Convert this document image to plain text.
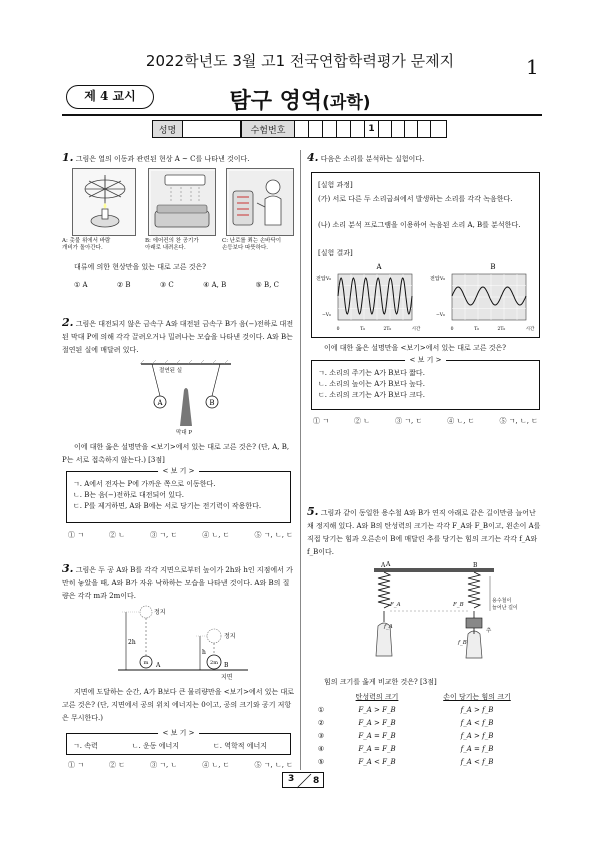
2022학년도 3월 고1 전국연합학력평가 문제지	1
제 4 교시	탐구 영역(과학)
성명	수험번호	1
1. 그림은 열의 이동과 관련된 현상 A ~ C를 나타낸 것이다.
A: 촛불 위에서 바람
개비가 돌아간다.
B: 에어컨의 찬 공기가
아래로 내려온다.
C: 난로를 쬐는 손바닥이
손등보다 따뜻하다.
대류에 의한 현상만을 있는 대로 고른 것은?
① A	② B	③ C	④ A, B	⑤ B, C
2. 그림은 대전되지 않은 금속구 A와 대전된 금속구 B가 음(−)전하로 대전된 막대 P에 의해 각각 끌려오거나 밀려나는 모습을 나타낸 것이다. A와 B는 절연된 실에 매달려 있다.
A	B
절연된 실
막대 P
이에 대한 옳은 설명만을 <보기>에서 있는 대로 고른 것은? (단, A, B, P는 서로 접촉하지 않는다.) [3점]
< 보 기 >
ㄱ. A에서 전자는 P에 가까운 쪽으로 이동한다.
ㄴ. B는 음(−)전하로 대전되어 있다.
ㄷ. P를 제거하면, A와 B에는 서로 당기는 전기력이 작용한다.
① ㄱ	② ㄴ	③ ㄱ, ㄷ	④ ㄴ, ㄷ	⑤ ㄱ, ㄴ, ㄷ
3. 그림은 두 공 A와 B를 각각 지면으로부터 높이가 2h와 h인 지점에서 가만히 놓았을 때, A와 B가 자유 낙하하는 모습을 나타낸 것이다. A와 B의 질량은 각각 m과 2m이다.
m	2m
A	B
정지
정지
2h
h
지면
지면에 도달하는 순간, A가 B보다 큰 물리량만을 <보기>에서 있는 대로 고른 것은? (단, 지면에서 공의 위치 에너지는 0이고, 공의 크기와 공기 저항은 무시한다.)
< 보 기 >
ㄱ. 속력	ㄴ. 운동 에너지	ㄷ. 역학적 에너지
① ㄱ	② ㄷ	③ ㄱ, ㄴ	④ ㄴ, ㄷ	⑤ ㄱ, ㄴ, ㄷ
4. 다음은 소리를 분석하는 실험이다.
[실험 과정]
(가) 서로 다른 두 소리굽쇠에서 발생하는 소리를 각각 녹음한다.
(나) 소리 분석 프로그램을 이용하여 녹음된 소리 A, B를 분석한다.
[실험 결과]
A
전압 V₀
−V₀
0	T₀	2T₀	시간
B
전압 V₀
−V₀
0	T₀	2T₀	시간
이에 대한 옳은 설명만을 <보기>에서 있는 대로 고른 것은?
< 보 기 >
ㄱ. 소리의 주기는 A가 B보다 짧다.
ㄴ. 소리의 높이는 A가 B보다 높다.
ㄷ. 소리의 크기는 A가 B보다 크다.
① ㄱ	② ㄴ	③ ㄱ, ㄷ	④ ㄴ, ㄷ	⑤ ㄱ, ㄴ, ㄷ
5. 그림과 같이 동일한 용수철 A와 B가 연직 아래로 같은 길이만큼 늘어난 채 정지해 있다. A와 B의 탄성력의 크기는 각각 F_A와 F_B이고, 왼손이 A를 직접 당기는 힘과 오른손이 B에 매달린 추를 당기는 힘의 크기는 각각 f_A와 f_B이다.
A
A	B
F_A	F_B
f_A
f_B
용수철이
늘어난 길이
추
힘의 크기를 옳게 비교한 것은? [3점]
탄성력의 크기	손이 당기는 힘의 크기
①	F_A > F_B	f_A > f_B
②	F_A > F_B	f_A < f_B
③	F_A = F_B	f_A > f_B
④	F_A = F_B	f_A = f_B
⑤	F_A < F_B	f_A < f_B
3 8
